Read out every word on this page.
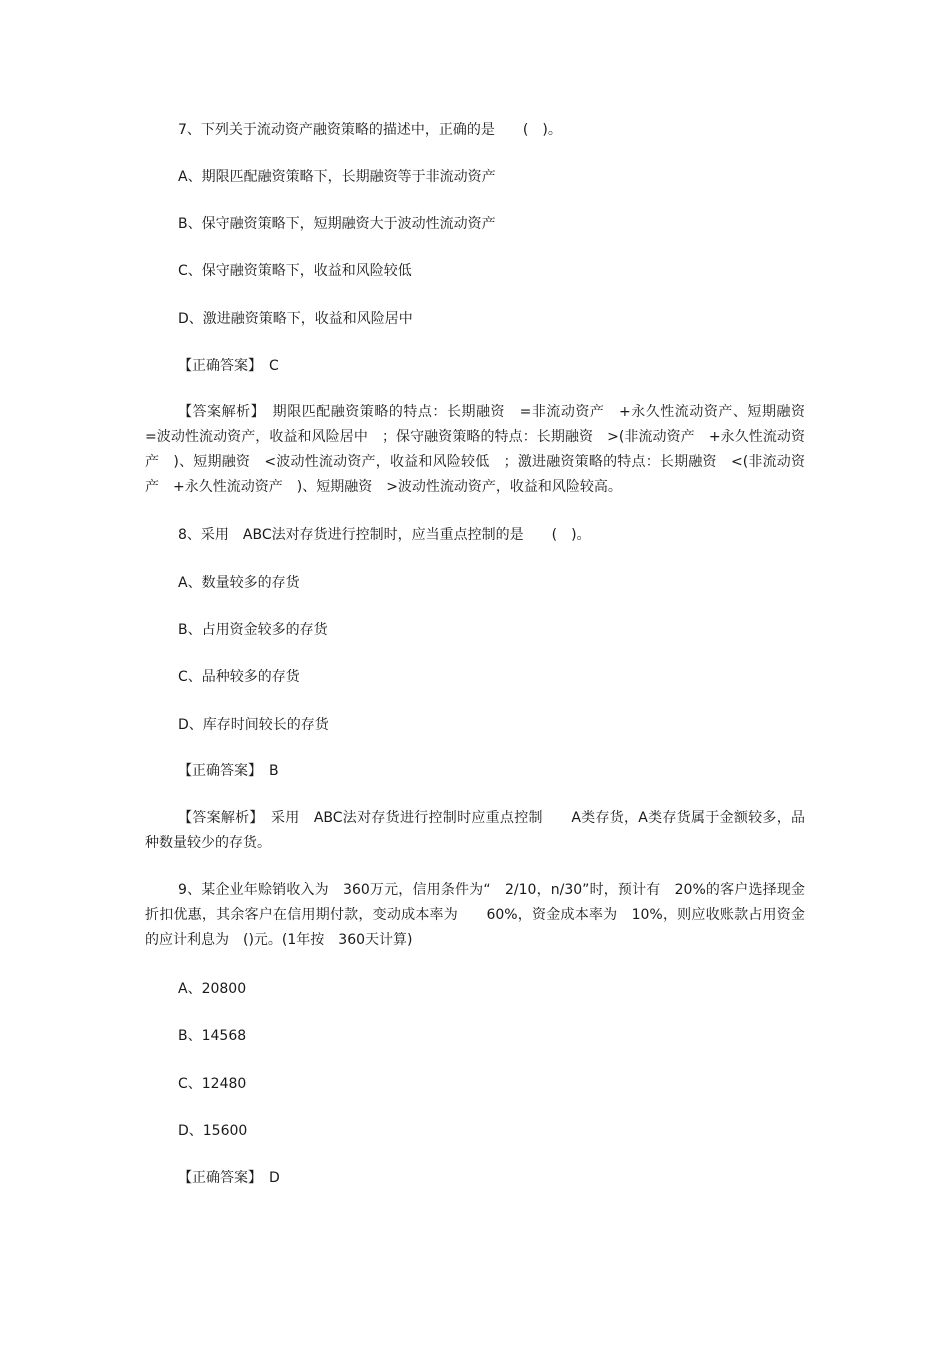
7、下列关于流动资产融资策略的描述中，正确的是　　(　)。

A、期限匹配融资策略下，长期融资等于非流动资产

B、保守融资策略下，短期融资大于波动性流动资产

C、保守融资策略下，收益和风险较低

D、激进融资策略下，收益和风险居中

【正确答案】　C

【答案解析】　期限匹配融资策略的特点：长期融资　=非流动资产　+永久性流动资产、短期融资　=波动性流动资产，收益和风险居中　；保守融资策略的特点：长期融资　>(非流动资产　+永久性流动资产　)、短期融资　<波动性流动资产，收益和风险较低　；激进融资策略的特点：长期融资　<(非流动资产　+永久性流动资产　)、短期融资　>波动性流动资产，收益和风险较高。

8、采用　ABC法对存货进行控制时，应当重点控制的是　　(　)。

A、数量较多的存货

B、占用资金较多的存货

C、品种较多的存货

D、库存时间较长的存货

【正确答案】　B

【答案解析】　采用　ABC法对存货进行控制时应重点控制　　A类存货，A类存货属于金额较多，品种数量较少的存货。

9、某企业年赊销收入为　360万元，信用条件为“　2/10，n/30”时，预计有　20%的客户选择现金折扣优惠，其余客户在信用期付款，变动成本率为　　60%，资金成本率为　10%，则应收账款占用资金的应计利息为　()元。(1年按　360天计算)

A、20800

B、14568

C、12480

D、15600

【正确答案】　D
